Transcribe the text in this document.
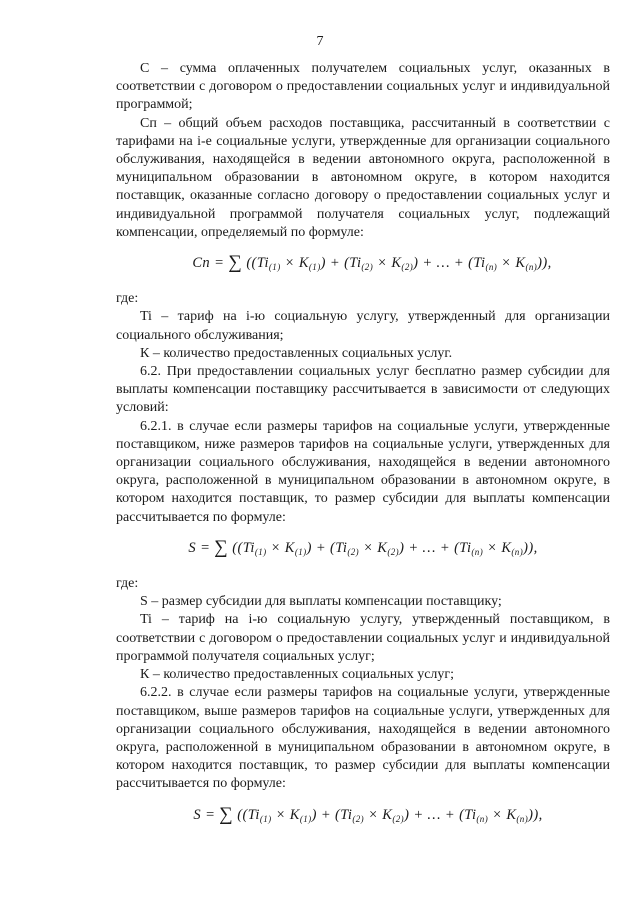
7

С – сумма оплаченных получателем социальных услуг, оказанных в соответствии с договором о предоставлении социальных услуг и индивидуальной программой;

Сп – общий объем расходов поставщика, рассчитанный в соответствии с тарифами на i-е социальные услуги, утвержденные для организации социального обслуживания, находящейся в ведении автономного округа, расположенной в муниципальном образовании в автономном округе, в котором находится поставщик, оказанные согласно договору о предоставлении социальных услуг и индивидуальной программой получателя социальных услуг, подлежащий компенсации, определяемый по формуле:

Cn = ∑ ($(Ti_{(1)} \times K_{(1)}) + (Ti_{(2)} \times K_{(2)})$ + … + $(Ti_{(n)} \times K_{(n)})$),

где:

Ti – тариф на i-ю социальную услугу, утвержденный для организации социального обслуживания;

К – количество предоставленных социальных услуг.

6.2. При предоставлении социальных услуг бесплатно размер субсидии для выплаты компенсации поставщику рассчитывается в зависимости от следующих условий:

6.2.1. в случае если размеры тарифов на социальные услуги, утвержденные поставщиком, ниже размеров тарифов на социальные услуги, утвержденных для организации социального обслуживания, находящейся в ведении автономного округа, расположенной в муниципальном образовании в автономном округе, в котором находится поставщик, то размер субсидии для выплаты компенсации рассчитывается по формуле:

S = ∑ ($(Ti_{(1)} \times K_{(1)}) + (Ti_{(2)} \times K_{(2)})$ + … + $(Ti_{(n)} \times K_{(n)})$),

где:

S – размер субсидии для выплаты компенсации поставщику;

Ti – тариф на i-ю социальную услугу, утвержденный поставщиком, в соответствии с договором о предоставлении социальных услуг и индивидуальной программой получателя социальных услуг;

К – количество предоставленных социальных услуг;

6.2.2. в случае если размеры тарифов на социальные услуги, утвержденные поставщиком, выше размеров тарифов на социальные услуги, утвержденных для организации социального обслуживания, находящейся в ведении автономного округа, расположенной в муниципальном образовании в автономном округе, в котором находится поставщик, то размер субсидии для выплаты компенсации рассчитывается по формуле:

S = ∑ ($(Ti_{(1)} \times K_{(1)}) + (Ti_{(2)} \times K_{(2)})$ + … + $(Ti_{(n)} \times K_{(n)})$),
